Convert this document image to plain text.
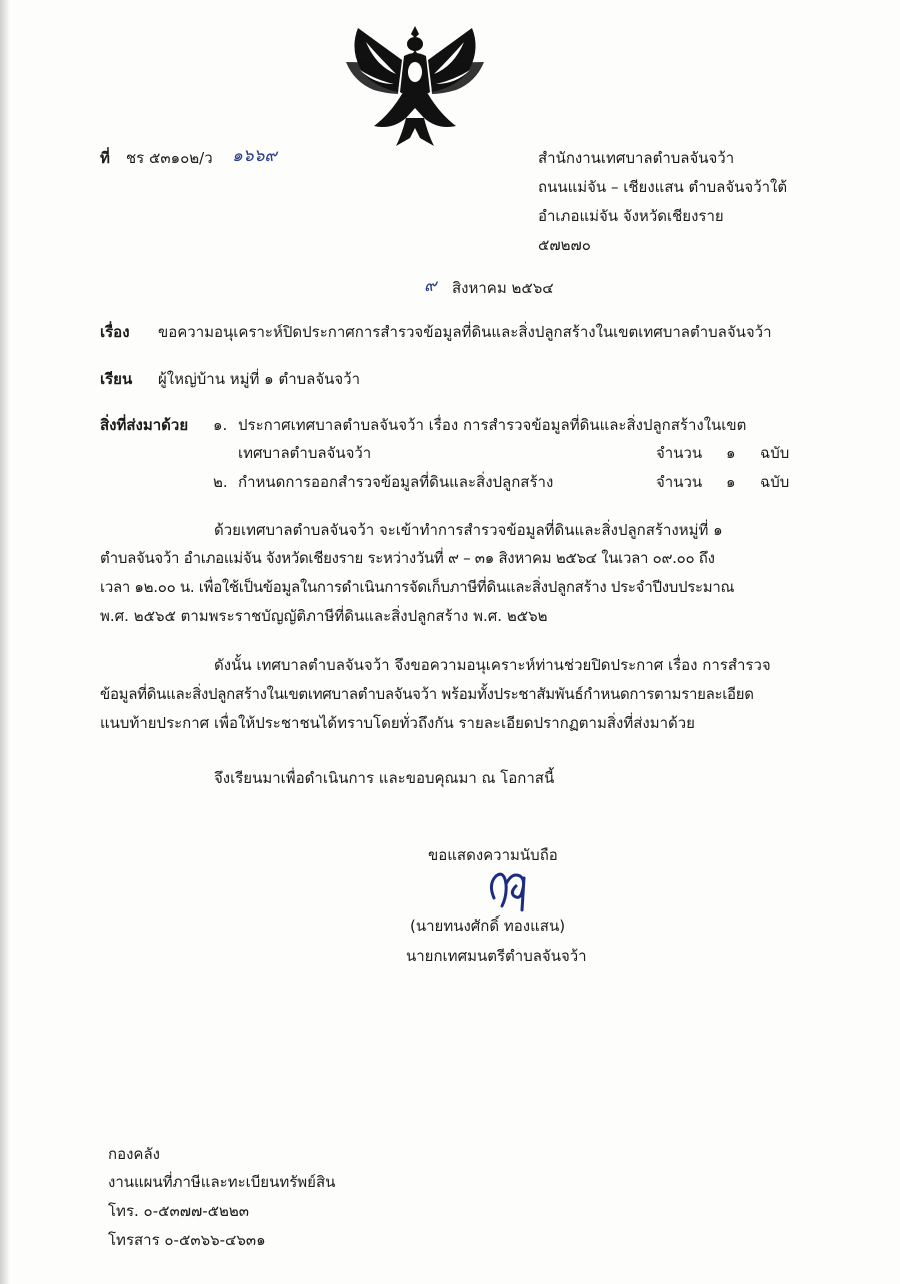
ที่ ชร ๕๓๑๐๒/ว ๑๖๖๙	สำนักงานเทศบาลตำบลจันจว้า
ถนนแม่จัน – เชียงแสน ตำบลจันจว้าใต้
อำเภอแม่จัน จังหวัดเชียงราย
๕๗๒๗๐
๙ สิงหาคม ๒๕๖๔
เรื่อง ขอความอนุเคราะห์ปิดประกาศการสำรวจข้อมูลที่ดินและสิ่งปลูกสร้างในเขตเทศบาลตำบลจันจว้า
เรียน ผู้ใหญ่บ้าน หมู่ที่ ๑ ตำบลจันจว้า
สิ่งที่ส่งมาด้วย ๑. ประกาศเทศบาลตำบลจันจว้า เรื่อง การสำรวจข้อมูลที่ดินและสิ่งปลูกสร้างในเขต
เทศบาลตำบลจันจว้า	จำนวน ๑ ฉบับ
๒. กำหนดการออกสำรวจข้อมูลที่ดินและสิ่งปลูกสร้าง	จำนวน ๑ ฉบับ
ด้วยเทศบาลตำบลจันจว้า จะเข้าทำการสำรวจข้อมูลที่ดินและสิ่งปลูกสร้างหมู่ที่ ๑
ตำบลจันจว้า อำเภอแม่จัน จังหวัดเชียงราย ระหว่างวันที่ ๙ – ๓๑ สิงหาคม ๒๕๖๔ ในเวลา ๐๙.๐๐ ถึง
เวลา ๑๒.๐๐ น. เพื่อใช้เป็นข้อมูลในการดำเนินการจัดเก็บภาษีที่ดินและสิ่งปลูกสร้าง ประจำปีงบประมาณ
พ.ศ. ๒๕๖๕ ตามพระราชบัญญัติภาษีที่ดินและสิ่งปลูกสร้าง พ.ศ. ๒๕๖๒
ดังนั้น เทศบาลตำบลจันจว้า จึงขอความอนุเคราะห์ท่านช่วยปิดประกาศ เรื่อง การสำรวจ
ข้อมูลที่ดินและสิ่งปลูกสร้างในเขตเทศบาลตำบลจันจว้า พร้อมทั้งประชาสัมพันธ์กำหนดการตามรายละเอียด
แนบท้ายประกาศ เพื่อให้ประชาชนได้ทราบโดยทั่วถึงกัน รายละเอียดปรากฏตามสิ่งที่ส่งมาด้วย
จึงเรียนมาเพื่อดำเนินการ และขอบคุณมา ณ โอกาสนี้
ขอแสดงความนับถือ
(นายทนงศักดิ์ ทองแสน)
นายกเทศมนตรีตำบลจันจว้า
กองคลัง
งานแผนที่ภาษีและทะเบียนทรัพย์สิน
โทร. ๐-๕๓๗๗-๕๒๒๓
โทรสาร ๐-๕๓๖๖-๔๖๓๑
